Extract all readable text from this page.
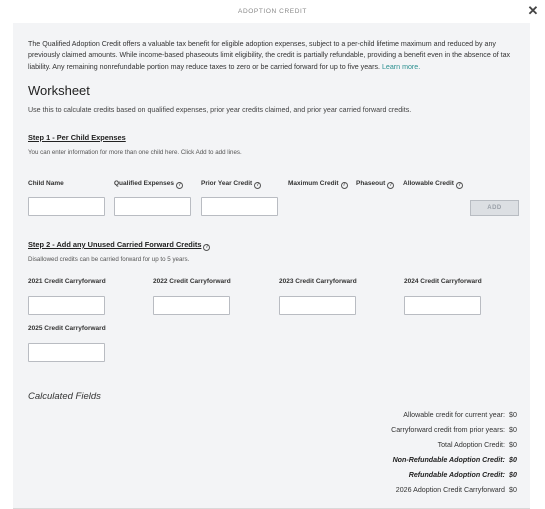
ADOPTION CREDIT	✕

The Qualified Adoption Credit offers a valuable tax benefit for eligible adoption expenses, subject to a per-child lifetime maximum and reduced by any previously claimed amounts. While income-based phaseouts limit eligibility, the credit is partially refundable, providing a benefit even in the absence of tax liability. Any remaining nonrefundable portion may reduce taxes to zero or be carried forward for up to five years. Learn more.

Worksheet
Use this to calculate credits based on qualified expenses, prior year credits claimed, and prior year carried forward credits.
Step 1 - Per Child Expenses
You can enter information for more than one child here. Click Add to add lines.
Child Name	Qualified Expenses ?	Prior Year Credit ?	Maximum Credit ?	Phaseout ?	Allowable Credit ?
ADD
Step 2 - Add any Unused Carried Forward Credits ?
Disallowed credits can be carried forward for up to 5 years.
2021 Credit Carryforward	2022 Credit Carryforward	2023 Credit Carryforward	2024 Credit Carryforward
2025 Credit Carryforward
Calculated Fields
Allowable credit for current year: $0
Carryforward credit from prior years: $0
Total Adoption Credit: $0
Non-Refundable Adoption Credit: $0
Refundable Adoption Credit: $0
2026 Adoption Credit Carryforward $0
